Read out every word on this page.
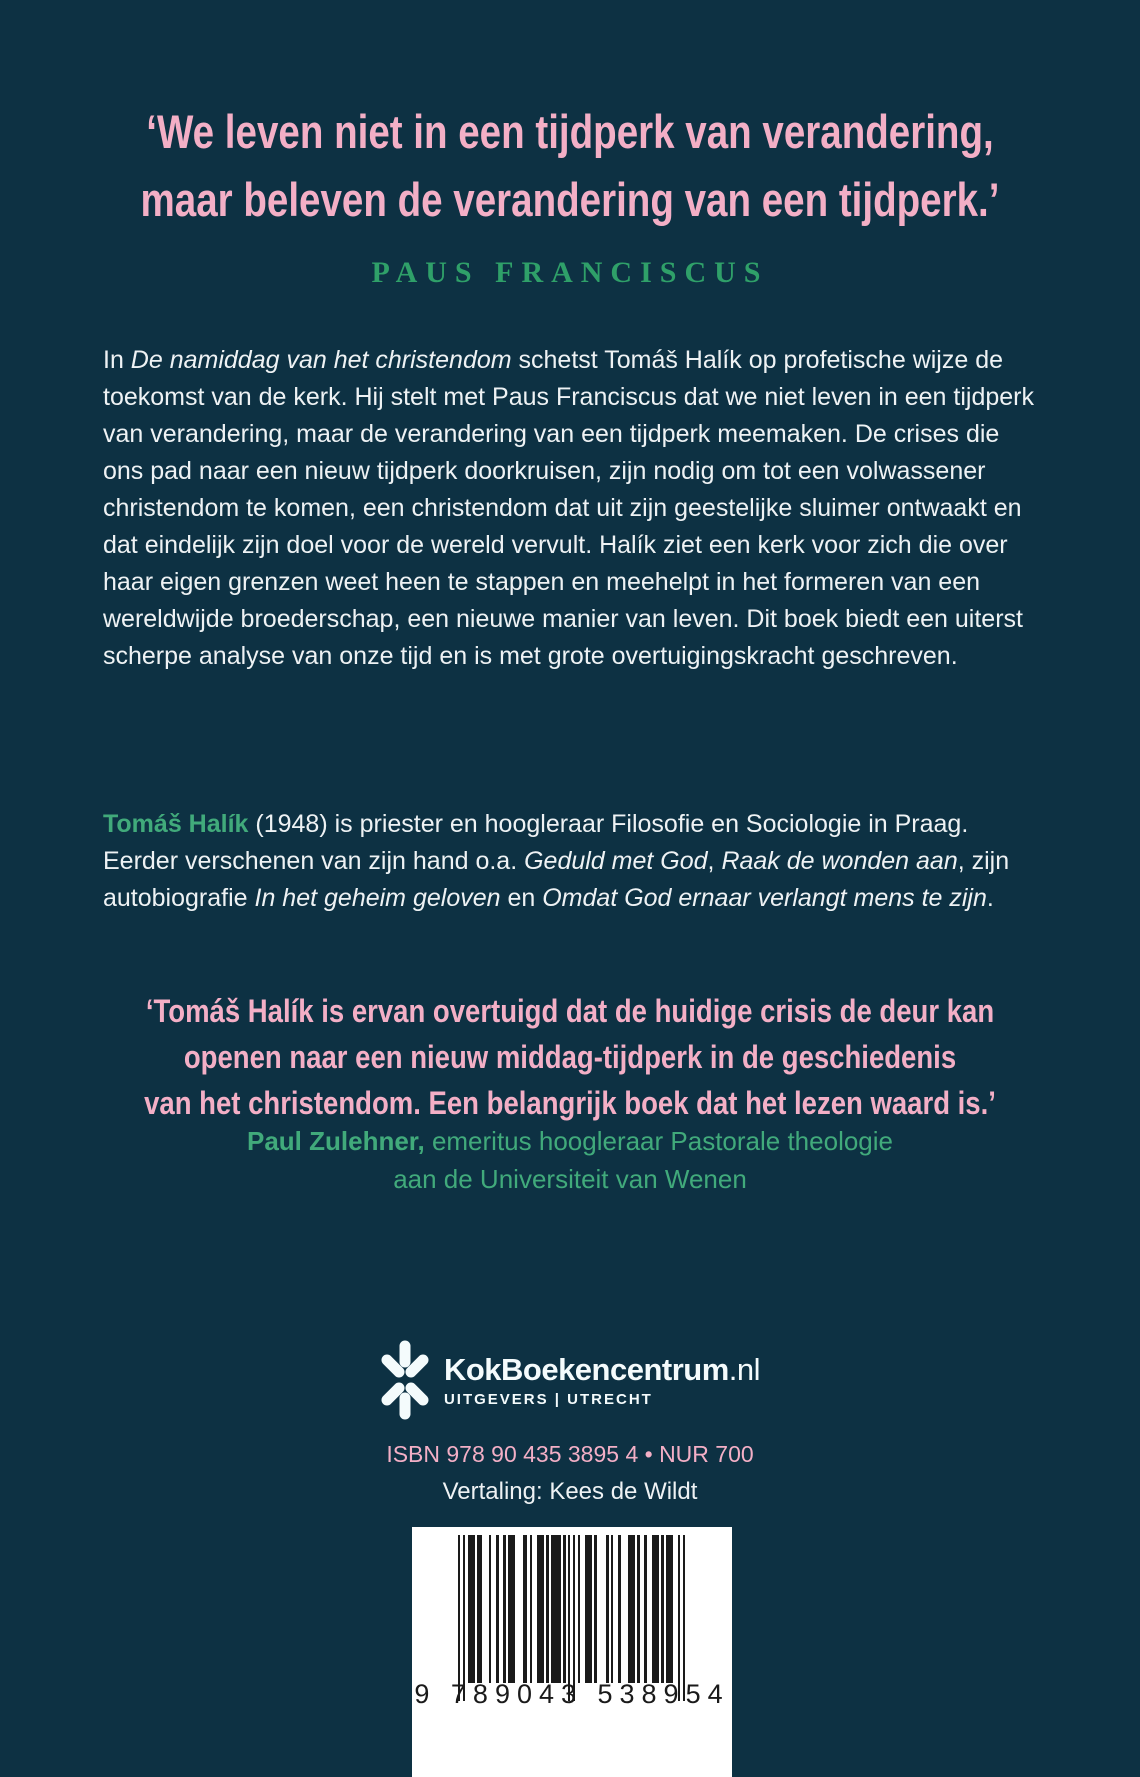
‘We leven niet in een tijdperk van verandering,
maar beleven de verandering van een tijdperk.’
PAUS FRANCISCUS
In De namiddag van het christendom schetst Tomáš Halík op profetische wijze de toekomst van de kerk. Hij stelt met Paus Franciscus dat we niet leven in een tijdperk van verandering, maar de verandering van een tijdperk meemaken. De crises die ons pad naar een nieuw tijdperk doorkruisen, zijn nodig om tot een volwassener christendom te komen, een christendom dat uit zijn geestelijke sluimer ontwaakt en dat eindelijk zijn doel voor de wereld vervult. Halík ziet een kerk voor zich die over haar eigen grenzen weet heen te stappen en meehelpt in het formeren van een wereldwijde broederschap, een nieuwe manier van leven. Dit boek biedt een uiterst scherpe analyse van onze tijd en is met grote overtuigingskracht geschreven.
Tomáš Halík (1948) is priester en hoogleraar Filosofie en Sociologie in Praag. Eerder verschenen van zijn hand o.a. Geduld met God, Raak de wonden aan, zijn autobiografie In het geheim geloven en Omdat God ernaar verlangt mens te zijn.
‘Tomáš Halík is ervan overtuigd dat de huidige crisis de deur kan
openen naar een nieuw middag-tijdperk in de geschiedenis
van het christendom. Een belangrijk boek dat het lezen waard is.’
Paul Zulehner, emeritus hoogleraar Pastorale theologie
aan de Universiteit van Wenen
KokBoekencentrum.nl
UITGEVERS | UTRECHT
ISBN 978 90 435 3895 4 • NUR 700
Vertaling: Kees de Wildt
9 789043 538954
